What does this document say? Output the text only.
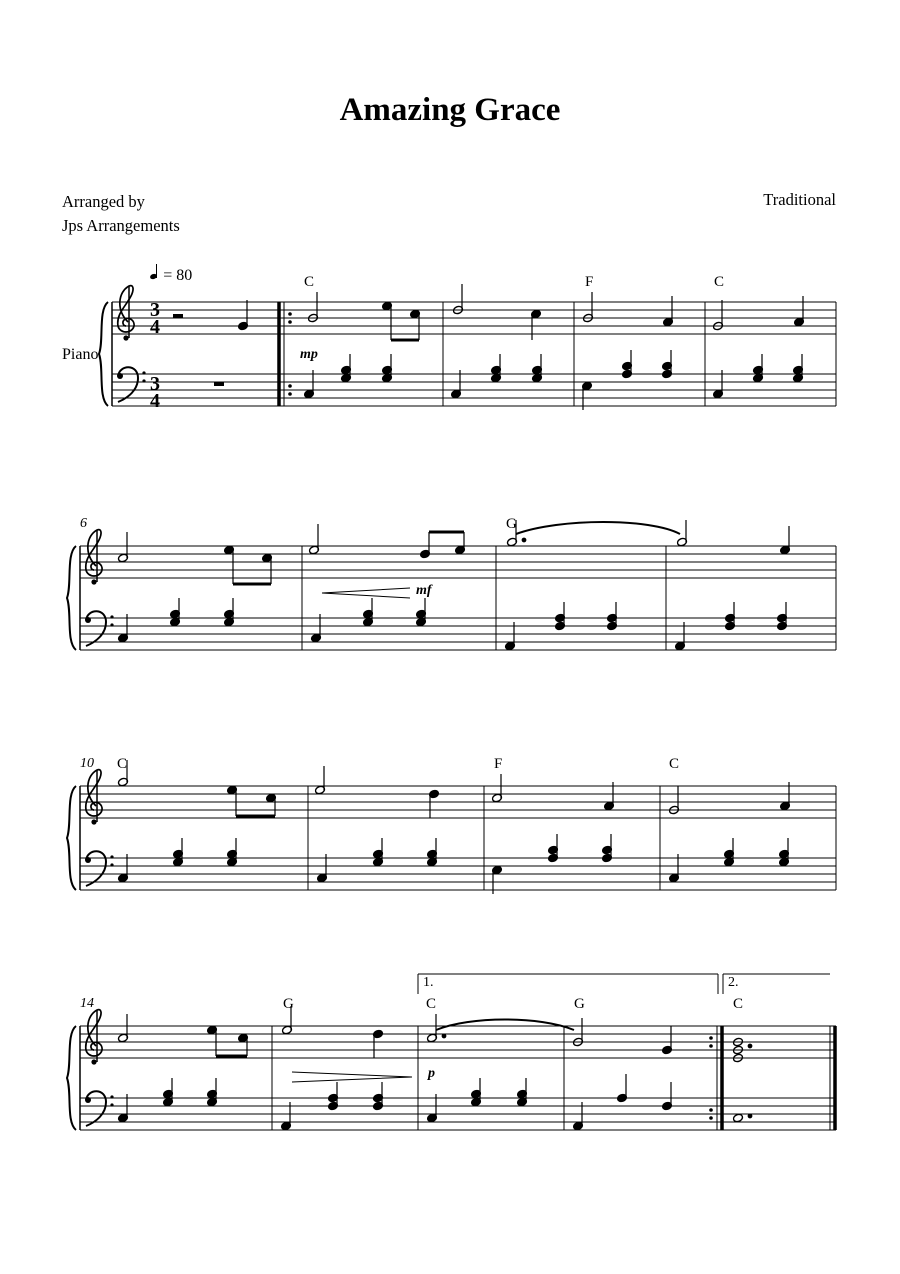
Amazing Grace
Arranged by
Jps Arrangements
Traditional
= 80
Piano
C	F	C
G
C	F	C
G	C	G	C
6
10
14
mp
mf
p
1.	2.
3
4
3
4
